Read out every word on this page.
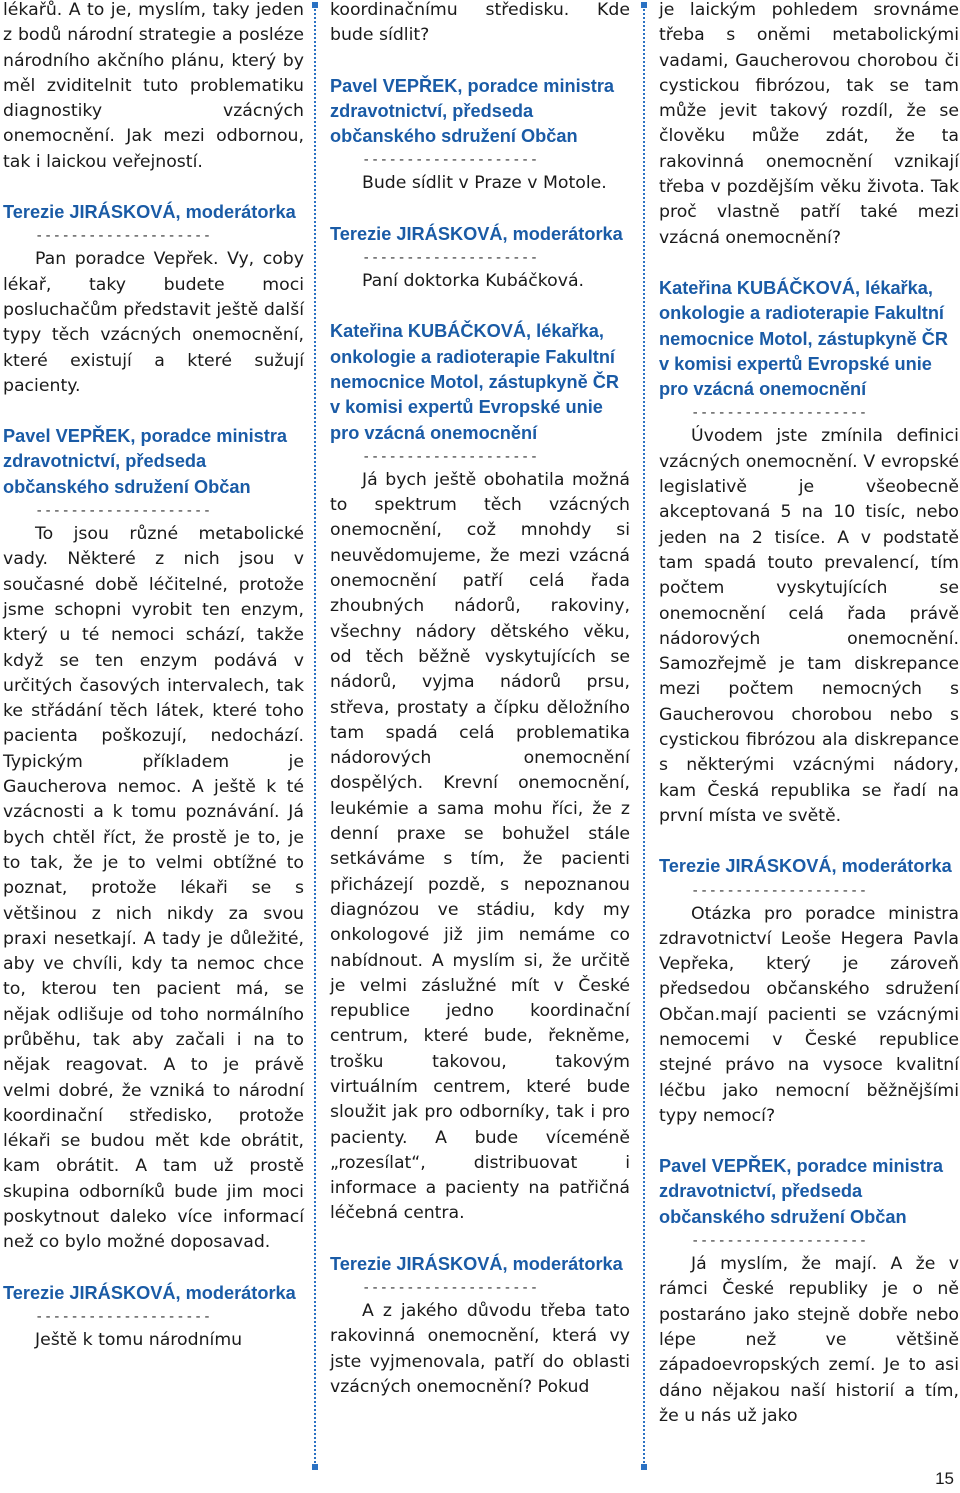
lékařů. A to je, myslím, taky jeden z bodů národní strategie a posléze národního akčního plánu, který by měl zviditelnit tuto problematiku diagnostiky vzácných onemocnění. Jak mezi odbornou, tak i laickou veřejností.

Terezie JIRÁSKOVÁ, moderátorka

--------------------

Pan poradce Vepřek. Vy, coby lékař, taky budete moci posluchačům představit ještě další typy těch vzácných onemocnění, které existují a které sužují pacienty.

Pavel VEPŘEK, poradce ministra zdravotnictví, předseda občanského sdružení Občan

--------------------

To jsou různé metabolické vady. Některé z nich jsou v současné době léčitelné, protože jsme schopni vyrobit ten enzym, který u té nemoci schází, takže když se ten enzym podává v určitých časových intervalech, tak ke střádání těch látek, které toho pacienta poškozují, nedochází. Typickým příkladem je Gaucherova nemoc. A ještě k té vzácnosti a k tomu poznávání. Já bych chtěl říct, že prostě je to, je to tak, že je to velmi obtížné to poznat, protože lékaři se s většinou z nich nikdy za svou praxi nesetkají. A tady je důležité, aby ve chvíli, kdy ta nemoc chce to, kterou ten pacient má, se nějak odlišuje od toho normálního průběhu, tak aby začali i na to nějak reagovat. A to je právě velmi dobré, že vzniká to národní koordinační středisko, protože lékaři se budou mět kde obrátit, kam obrátit. A tam už prostě skupina odborníků bude jim moci poskytnout daleko více informací než co bylo možné doposavad.

Terezie JIRÁSKOVÁ, moderátorka

--------------------

Ještě k tomu národnímu

koordinačnímu středisku. Kde bude sídlit?

Pavel VEPŘEK, poradce ministra zdravotnictví, předseda občanského sdružení Občan

--------------------

Bude sídlit v Praze v Motole.

Terezie JIRÁSKOVÁ, moderátorka

--------------------

Paní doktorka Kubáčková.

Kateřina KUBÁČKOVÁ, lékařka, onkologie a radioterapie Fakultní nemocnice Motol, zástupkyně ČR v komisi expertů Evropské unie pro vzácná onemocnění

--------------------

Já bych ještě obohatila možná to spektrum těch vzácných onemocnění, což mnohdy si neuvědomujeme, že mezi vzácná onemocnění patří celá řada zhoubných nádorů, rakoviny, všechny nádory dětského věku, od těch běžně vyskytujících se nádorů, vyjma nádorů prsu, střeva, prostaty a čípku děložního tam spadá celá problematika nádorových onemocnění dospělých. Krevní onemocnění, leukémie a sama mohu říci, že z denní praxe se bohužel stále setkáváme s tím, že pacienti přicházejí pozdě, s nepoznanou diagnózou ve stádiu, kdy my onkologové již jim nemáme co nabídnout. A myslím si, že určitě je velmi záslužné mít v České republice jedno koordinační centrum, které bude, řekněme, trošku takovou, takovým virtuálním centrem, které bude sloužit jak pro odborníky, tak i pro pacienty. A bude víceméně „rozesílat“, distribuovat i informace a pacienty na patřičná léčebná centra.

Terezie JIRÁSKOVÁ, moderátorka

--------------------

A z jakého důvodu třeba tato rakovinná onemocnění, která vy jste vyjmenovala, patří do oblasti vzácných onemocnění? Pokud

je laickým pohledem srovnáme třeba s oněmi metabolickými vadami, Gaucherovou chorobou či cystickou fibrózou, tak se tam může jevit takový rozdíl, že se člověku může zdát, že ta rakovinná onemocnění vznikají třeba v pozdějším věku života. Tak proč vlastně patří také mezi vzácná onemocnění?

Kateřina KUBÁČKOVÁ, lékařka, onkologie a radioterapie Fakultní nemocnice Motol, zástupkyně ČR v komisi expertů Evropské unie pro vzácná onemocnění

--------------------

Úvodem jste zmínila definici vzácných onemocnění. V evropské legislativě je všeobecně akceptovaná 5 na 10 tisíc, nebo jeden na 2 tisíce. A v podstatě tam spadá touto prevalencí, tím počtem vyskytujících se onemocnění celá řada právě nádorových onemocnění. Samozřejmě je tam diskrepance mezi počtem nemocných s Gaucherovou chorobou nebo s cystickou fibrózou ala diskrepance s některými vzácnými nádory, kam Česká republika se řadí na první místa ve světě.

Terezie JIRÁSKOVÁ, moderátorka

--------------------

Otázka pro poradce ministra zdravotnictví Leoše Hegera Pavla Vepřeka, který je zároveň předsedou občanského sdružení Občan.mají pacienti se vzácnými nemocemi v České republice stejné právo na vysoce kvalitní léčbu jako nemocní běžnějšími typy nemocí?

Pavel VEPŘEK, poradce ministra zdravotnictví, předseda občanského sdružení Občan

--------------------

Já myslím, že mají. A že v rámci České republiky je o ně postaráno jako stejně dobře nebo lépe než ve většině západoevropských zemí. Je to asi dáno nějakou naší historií a tím, že u nás už jako

15
